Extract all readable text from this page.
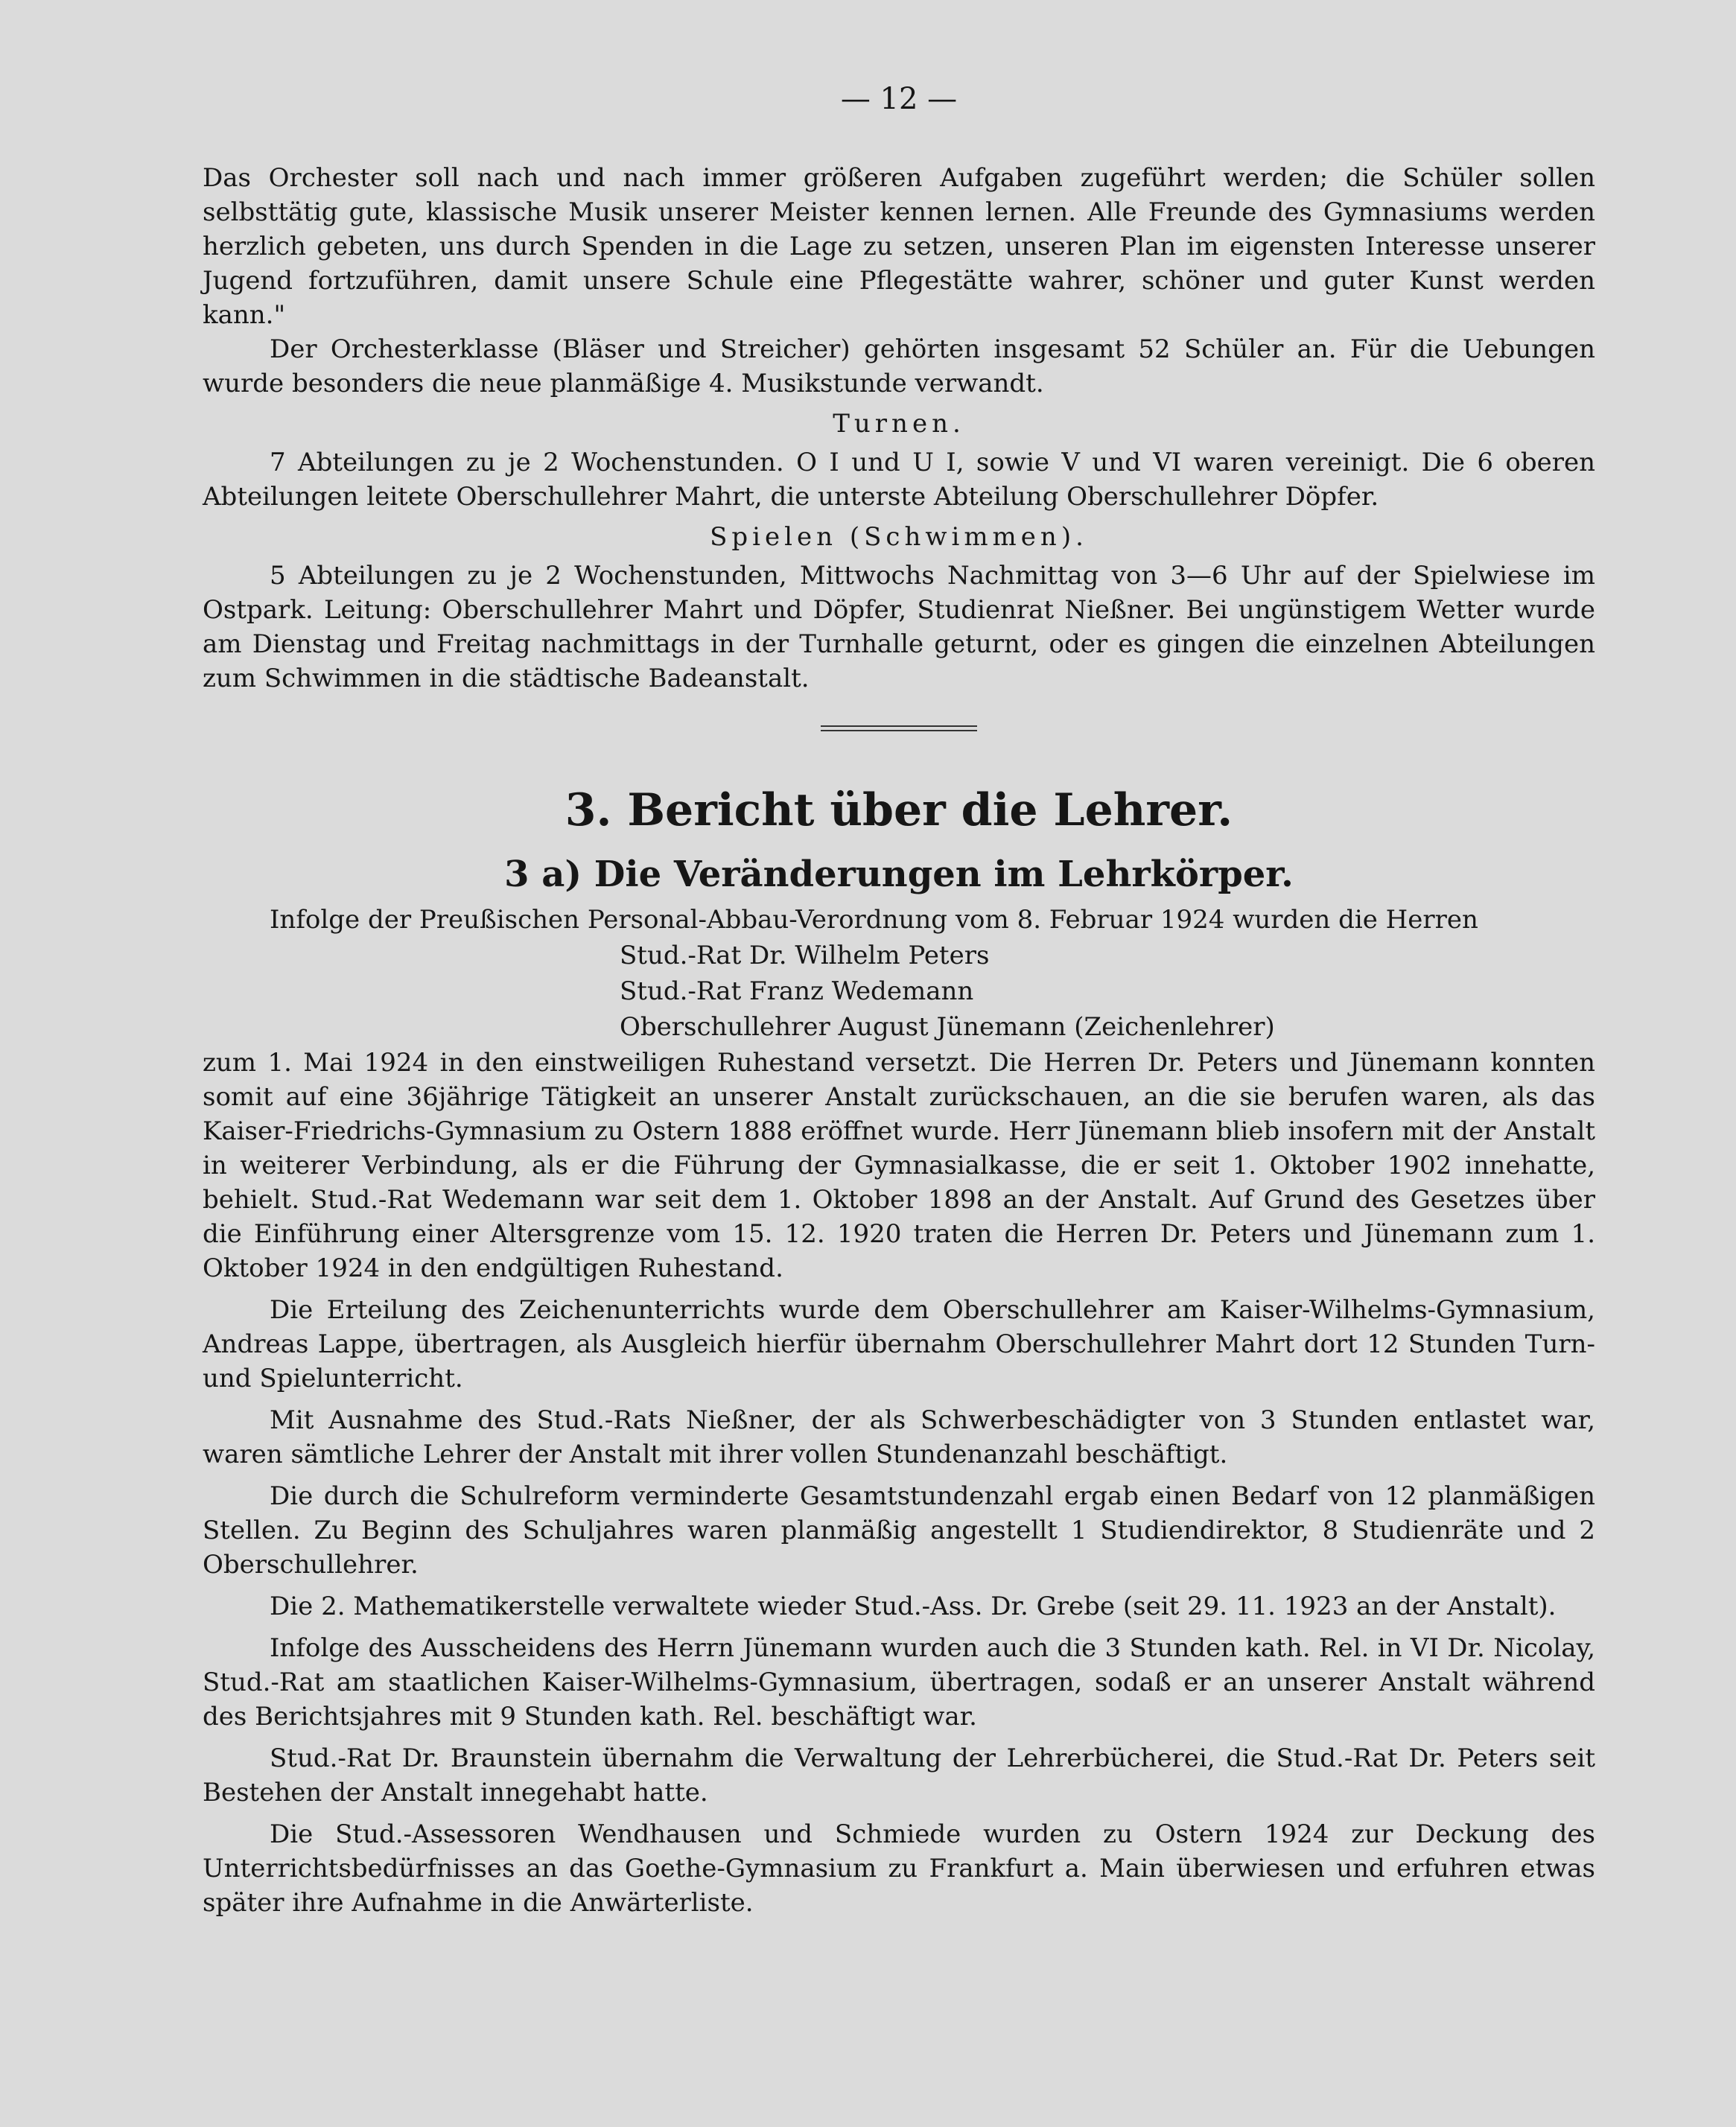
— 12 —

Das Orchester soll nach und nach immer größeren Aufgaben zugeführt werden; die Schüler sollen selbsttätig gute, klassische Musik unserer Meister kennen lernen. Alle Freunde des Gymnasiums werden herzlich gebeten, uns durch Spenden in die Lage zu setzen, unseren Plan im eigensten Interesse unserer Jugend fortzuführen, damit unsere Schule eine Pflegestätte wahrer, schöner und guter Kunst werden kann."

Der Orchesterklasse (Bläser und Streicher) gehörten insgesamt 52 Schüler an. Für die Uebungen wurde besonders die neue planmäßige 4. Musikstunde verwandt.

Turnen.

7 Abteilungen zu je 2 Wochenstunden. O I und U I, sowie V und VI waren vereinigt. Die 6 oberen Abteilungen leitete Oberschullehrer Mahrt, die unterste Abteilung Oberschullehrer Döpfer.

Spielen (Schwimmen).

5 Abteilungen zu je 2 Wochenstunden, Mittwochs Nachmittag von 3—6 Uhr auf der Spielwiese im Ostpark. Leitung: Oberschullehrer Mahrt und Döpfer, Studienrat Nießner. Bei ungünstigem Wetter wurde am Dienstag und Freitag nachmittags in der Turnhalle geturnt, oder es gingen die einzelnen Abteilungen zum Schwimmen in die städtische Badeanstalt.

3. Bericht über die Lehrer.
3 a) Die Veränderungen im Lehrkörper.

Infolge der Preußischen Personal-Abbau-Verordnung vom 8. Februar 1924 wurden die Herren

Stud.-Rat Dr. Wilhelm Peters
Stud.-Rat Franz Wedemann
Oberschullehrer August Jünemann (Zeichenlehrer)

zum 1. Mai 1924 in den einstweiligen Ruhestand versetzt. Die Herren Dr. Peters und Jünemann konnten somit auf eine 36jährige Tätigkeit an unserer Anstalt zurückschauen, an die sie berufen waren, als das Kaiser-Friedrichs-Gymnasium zu Ostern 1888 eröffnet wurde. Herr Jünemann blieb insofern mit der Anstalt in weiterer Verbindung, als er die Führung der Gymnasialkasse, die er seit 1. Oktober 1902 innehatte, behielt. Stud.-Rat Wedemann war seit dem 1. Oktober 1898 an der Anstalt. Auf Grund des Gesetzes über die Einführung einer Altersgrenze vom 15. 12. 1920 traten die Herren Dr. Peters und Jünemann zum 1. Oktober 1924 in den endgültigen Ruhestand.

Die Erteilung des Zeichenunterrichts wurde dem Oberschullehrer am Kaiser-Wilhelms-Gymnasium, Andreas Lappe, übertragen, als Ausgleich hierfür übernahm Oberschullehrer Mahrt dort 12 Stunden Turn- und Spielunterricht.

Mit Ausnahme des Stud.-Rats Nießner, der als Schwerbeschädigter von 3 Stunden entlastet war, waren sämtliche Lehrer der Anstalt mit ihrer vollen Stundenanzahl beschäftigt.

Die durch die Schulreform verminderte Gesamtstundenzahl ergab einen Bedarf von 12 planmäßigen Stellen. Zu Beginn des Schuljahres waren planmäßig angestellt 1 Studiendirektor, 8 Studienräte und 2 Oberschullehrer.

Die 2. Mathematikerstelle verwaltete wieder Stud.-Ass. Dr. Grebe (seit 29. 11. 1923 an der Anstalt).

Infolge des Ausscheidens des Herrn Jünemann wurden auch die 3 Stunden kath. Rel. in VI Dr. Nicolay, Stud.-Rat am staatlichen Kaiser-Wilhelms-Gymnasium, übertragen, sodaß er an unserer Anstalt während des Berichtsjahres mit 9 Stunden kath. Rel. beschäftigt war.

Stud.-Rat Dr. Braunstein übernahm die Verwaltung der Lehrerbücherei, die Stud.-Rat Dr. Peters seit Bestehen der Anstalt innegehabt hatte.

Die Stud.-Assessoren Wendhausen und Schmiede wurden zu Ostern 1924 zur Deckung des Unterrichtsbedürfnisses an das Goethe-Gymnasium zu Frankfurt a. Main überwiesen und erfuhren etwas später ihre Aufnahme in die Anwärterliste.
